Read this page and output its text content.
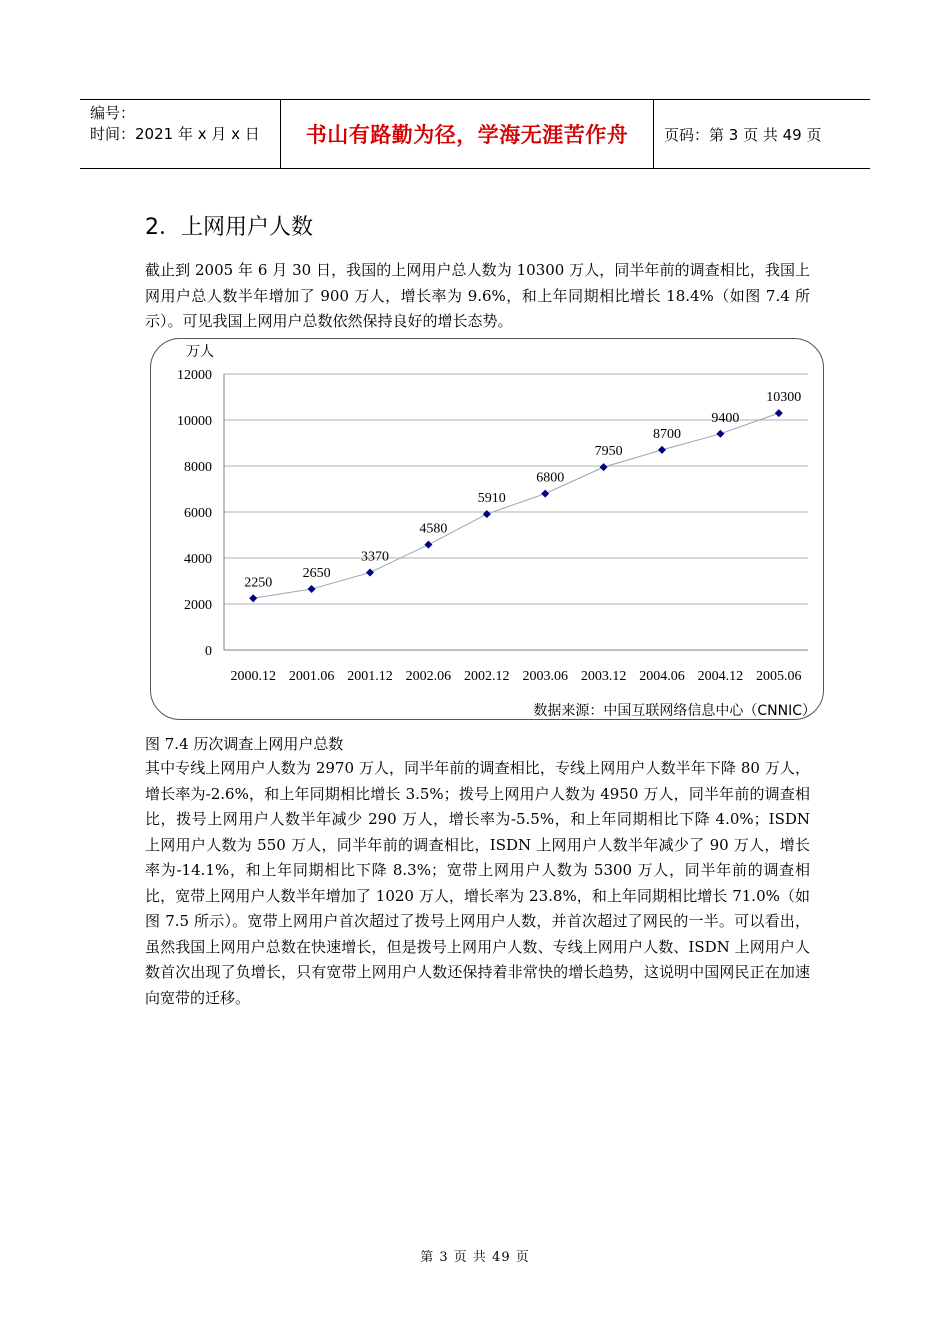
编号：
时间：2021 年 x 月 x 日	书山有路勤为径，学海无涯苦作舟 页码：第 3 页 共 49 页
2．上网用户人数
截止到 2005 年 6 月 30 日，我国的上网用户总人数为 10300 万人，同半年前的调查相比，我国上网用户总人数半年增加了 900 万人，增长率为 9.6%，和上年同期相比增长 18.4%（如图 7.4 所示）。可见我国上网用户总数依然保持良好的增长态势。
0
2000
4000
6000
8000
10000
12000
万人
2000.12 2001.06 2001.12 2002.06 2002.12 2003.06 2003.12 2004.06 2004.12 2005.06
2250
2650
3370
4580
5910
6800
7950
8700
9400
10300
数据来源：中国互联网络信息中心（CNNIC）
图 7.4 历次调查上网用户总数
其中专线上网用户人数为 2970 万人，同半年前的调查相比，专线上网用户人数半年下降 80 万人，增长率为-2.6%，和上年同期相比增长 3.5%；拨号上网用户人数为 4950 万人，同半年前的调查相比，拨号上网用户人数半年减少 290 万人，增长率为-5.5%，和上年同期相比下降 4.0%；ISDN 上网用户人数为 550 万人，同半年前的调查相比，ISDN 上网用户人数半年减少了 90 万人，增长率为-14.1%，和上年同期相比下降 8.3%；宽带上网用户人数为 5300 万人，同半年前的调查相比，宽带上网用户人数半年增加了 1020 万人，增长率为 23.8%，和上年同期相比增长 71.0%（如图 7.5 所示）。宽带上网用户首次超过了拨号上网用户人数，并首次超过了网民的一半。可以看出，虽然我国上网用户总数在快速增长，但是拨号上网用户人数、专线上网用户人数、ISDN 上网用户人数首次出现了负增长，只有宽带上网用户人数还保持着非常快的增长趋势，这说明中国网民正在加速向宽带的迁移。
第 3 页 共 49 页
